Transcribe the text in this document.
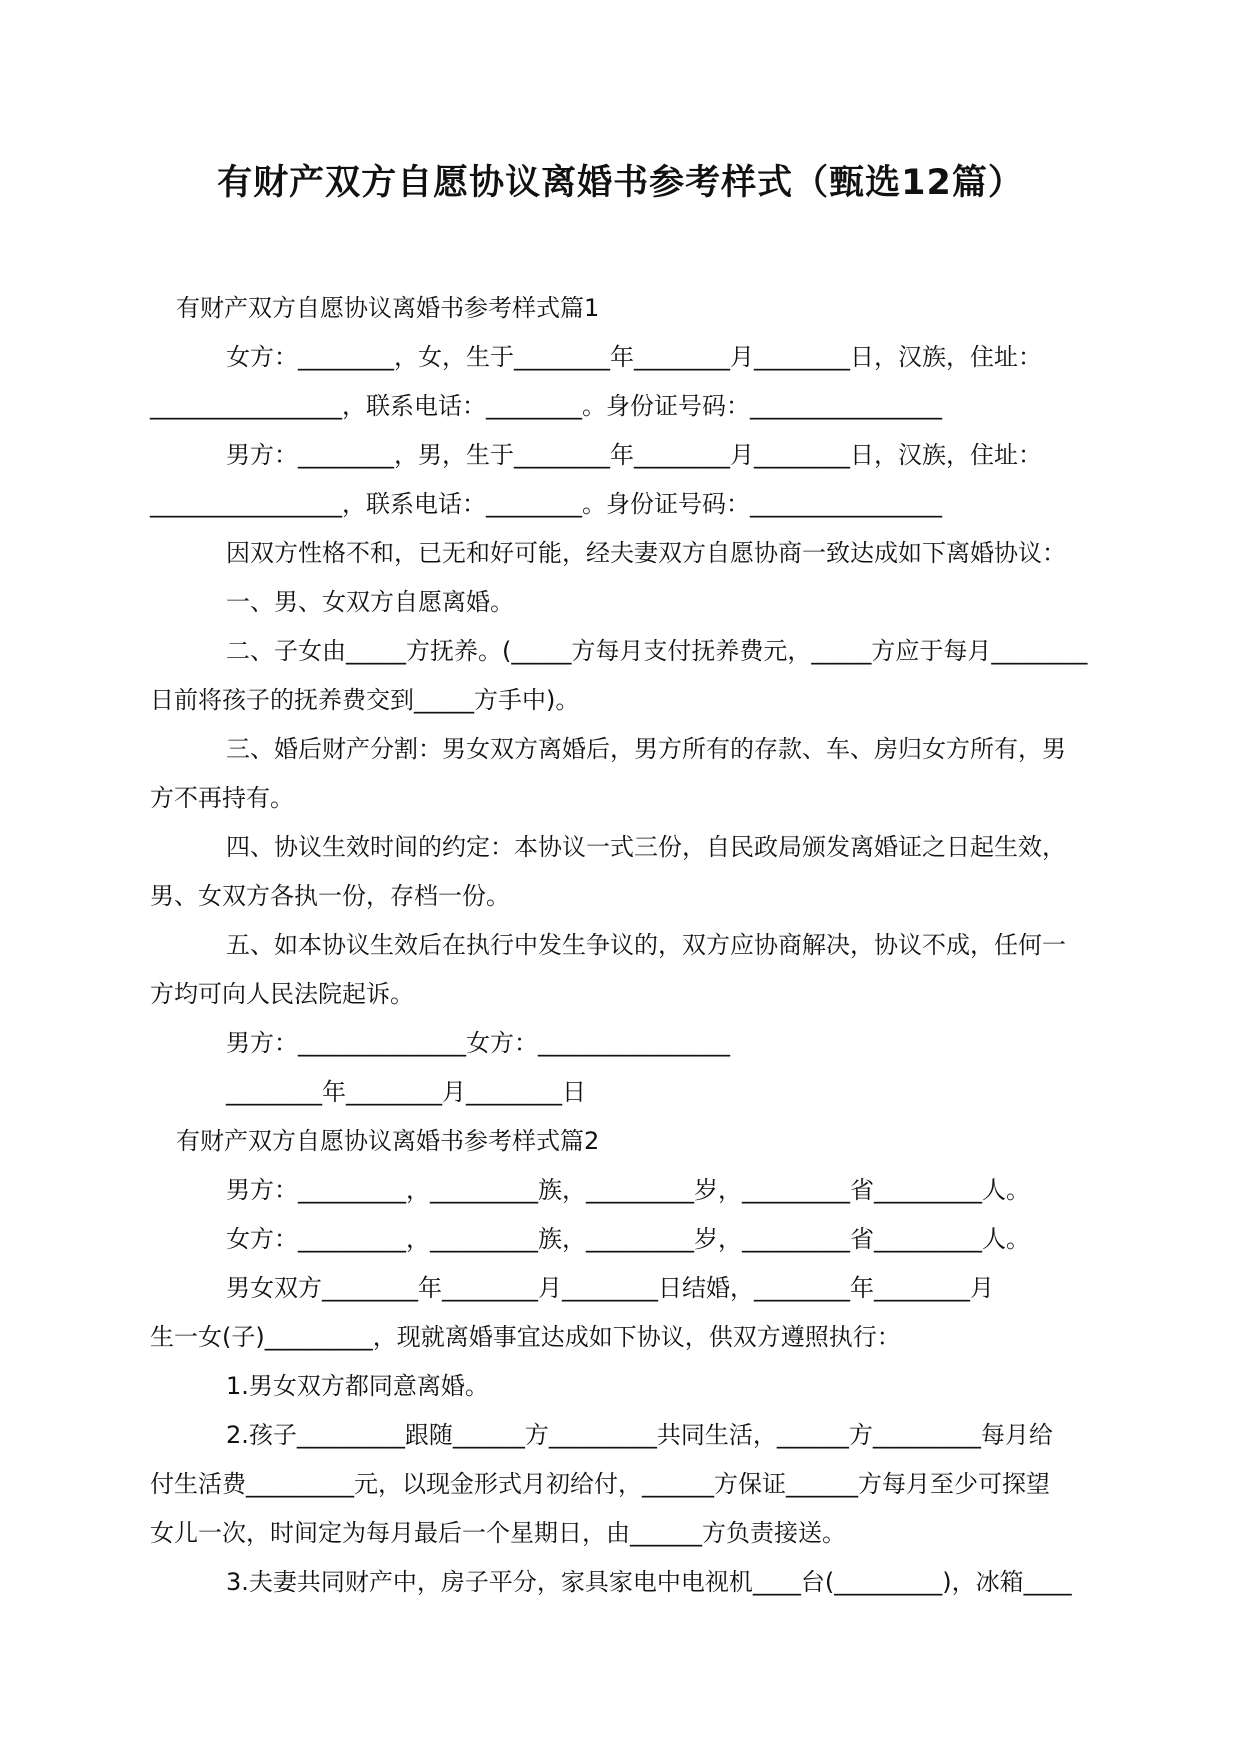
有财产双方自愿协议离婚书参考样式（甄选12篇）

有财产双方自愿协议离婚书参考样式篇1

女方：________，女，生于________年________月________日，汉族，住址：

________________，联系电话：________。身份证号码：________________

男方：________，男，生于________年________月________日，汉族，住址：

________________，联系电话：________。身份证号码：________________

因双方性格不和，已无和好可能，经夫妻双方自愿协商一致达成如下离婚协议：

一、男、女双方自愿离婚。

二、子女由_____方抚养。(_____方每月支付抚养费元，_____方应于每月________

日前将孩子的抚养费交到_____方手中)。

三、婚后财产分割：男女双方离婚后，男方所有的存款、车、房归女方所有，男

方不再持有。

四、协议生效时间的约定：本协议一式三份，自民政局颁发离婚证之日起生效，

男、女双方各执一份，存档一份。

五、如本协议生效后在执行中发生争议的，双方应协商解决，协议不成，任何一

方均可向人民法院起诉。

男方：______________女方：________________

________年________月________日

有财产双方自愿协议离婚书参考样式篇2

男方：_________，_________族，_________岁，_________省_________人。

女方：_________，_________族，_________岁，_________省_________人。

男女双方________年________月________日结婚，________年________月

生一女(子)_________，现就离婚事宜达成如下协议，供双方遵照执行：

1.男女双方都同意离婚。

2.孩子_________跟随______方_________共同生活，______方_________每月给

付生活费_________元，以现金形式月初给付，______方保证______方每月至少可探望

女儿一次，时间定为每月最后一个星期日，由______方负责接送。

3.夫妻共同财产中，房子平分，家具家电中电视机____台(_________)，冰箱____
